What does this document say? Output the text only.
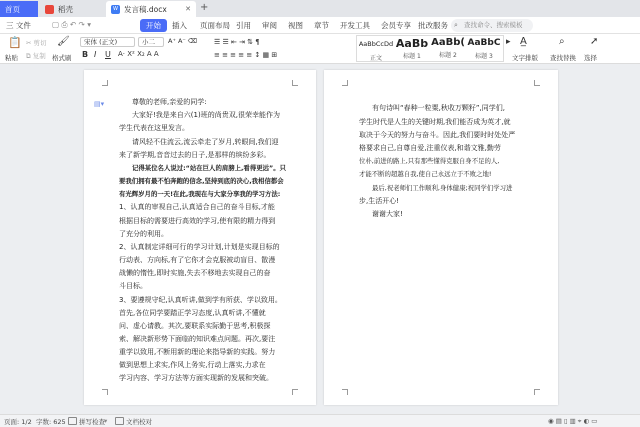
首页	稻壳	W 发言稿.docx	✕ +
三 文件	▢ ⎙ ↶ ↷ ▾	开始	插入 页面布局 引用 审阅 视图 章节 开发工具 会员专享 批改服务 ⌕ 查找命令、搜索模板
📋
粘贴
✂ 剪切
⧉ 复制
🖌
格式刷
宋体 (正文)	小二	A⁺ A⁻ ⌫
B I U A· X² X₂ A A
☰ ☰ ⇤ ⇥ ⇅ ¶
≡ ≡ ≡ ≡ ≡ ↕ ▦ ⊞
AaBbCcDd
正文
AaBb
标题 1
AaBb(
标题 2
AaBbC
标题 3
▸ A̲
文字排版
⌕
查找替换
➚
选择
▤▾	尊敬的老师,亲爱的同学:
大家好!我是来自六(1)班的尚贵双,很荣幸能作为
学生代表在这里发言。
请风轻不住流云,流云牵走了岁月,转眼间,我们迎
来了新学期,音音过去的日子,是那样的缤纷多彩。
记得某位名人说过:“站在巨人的肩膀上,看得更远”。只
要我们拥有最不怕奔跑的信念,坚持到底的决心,我相信都会
有光辉岁月的一天!在此,我现在与大家分享我的学习方法:
1、认真的审视自己,认真适合自己的奋斗目标,才能
根据目标的需要进行高效的学习,使有限的精力得到
了充分的利用。
2、认真制定详细可行的学习计划,计划是实现目标的
行动表、方向标,有了它你才会克服被动盲目、散漫
战懒的惰性,即时实施,失去不移地去实现自己的奋
斗目标。
3、要遵规守纪,认真听讲,做到学有所获、学以致用。
首先,各位同学要踏正学习态度,认真听讲,不懂就
问、虚心请教。其次,要联系实际勤于思考,积极探
索、解决新形势下面临的知识难点问题。再次,要注
重学以致用,不断用新的理论来指导新的实践。努力
做到思想上求实,作风上务实,行动上落实,力求在
学习内容、学习方法等方面实现新的发展和突破。
有句诗叫“春种一粒粟,秋收万颗籽”,同学们,
学生时代是人生的关键时期,我们能否成为英才,就
取决于今天的努力与奋斗。因此,我们要时时处处严
格要求自己,自尊自爱,注重仪表,和谐文雅,勤劳
位朴,前进的路上,只有那些懂得克服自身不足的人,
才能不断的超越自我,使自己永远立于不败之地!
最后,祝老师们工作顺利,身体健康;祝同学们学习进
步,生活开心!
谢谢大家!
页面: 1/2 字数: 625 拼写检查 ▾	文档校对	◉ ▤ ▯ ▥ ⌖ ◐ ▭
